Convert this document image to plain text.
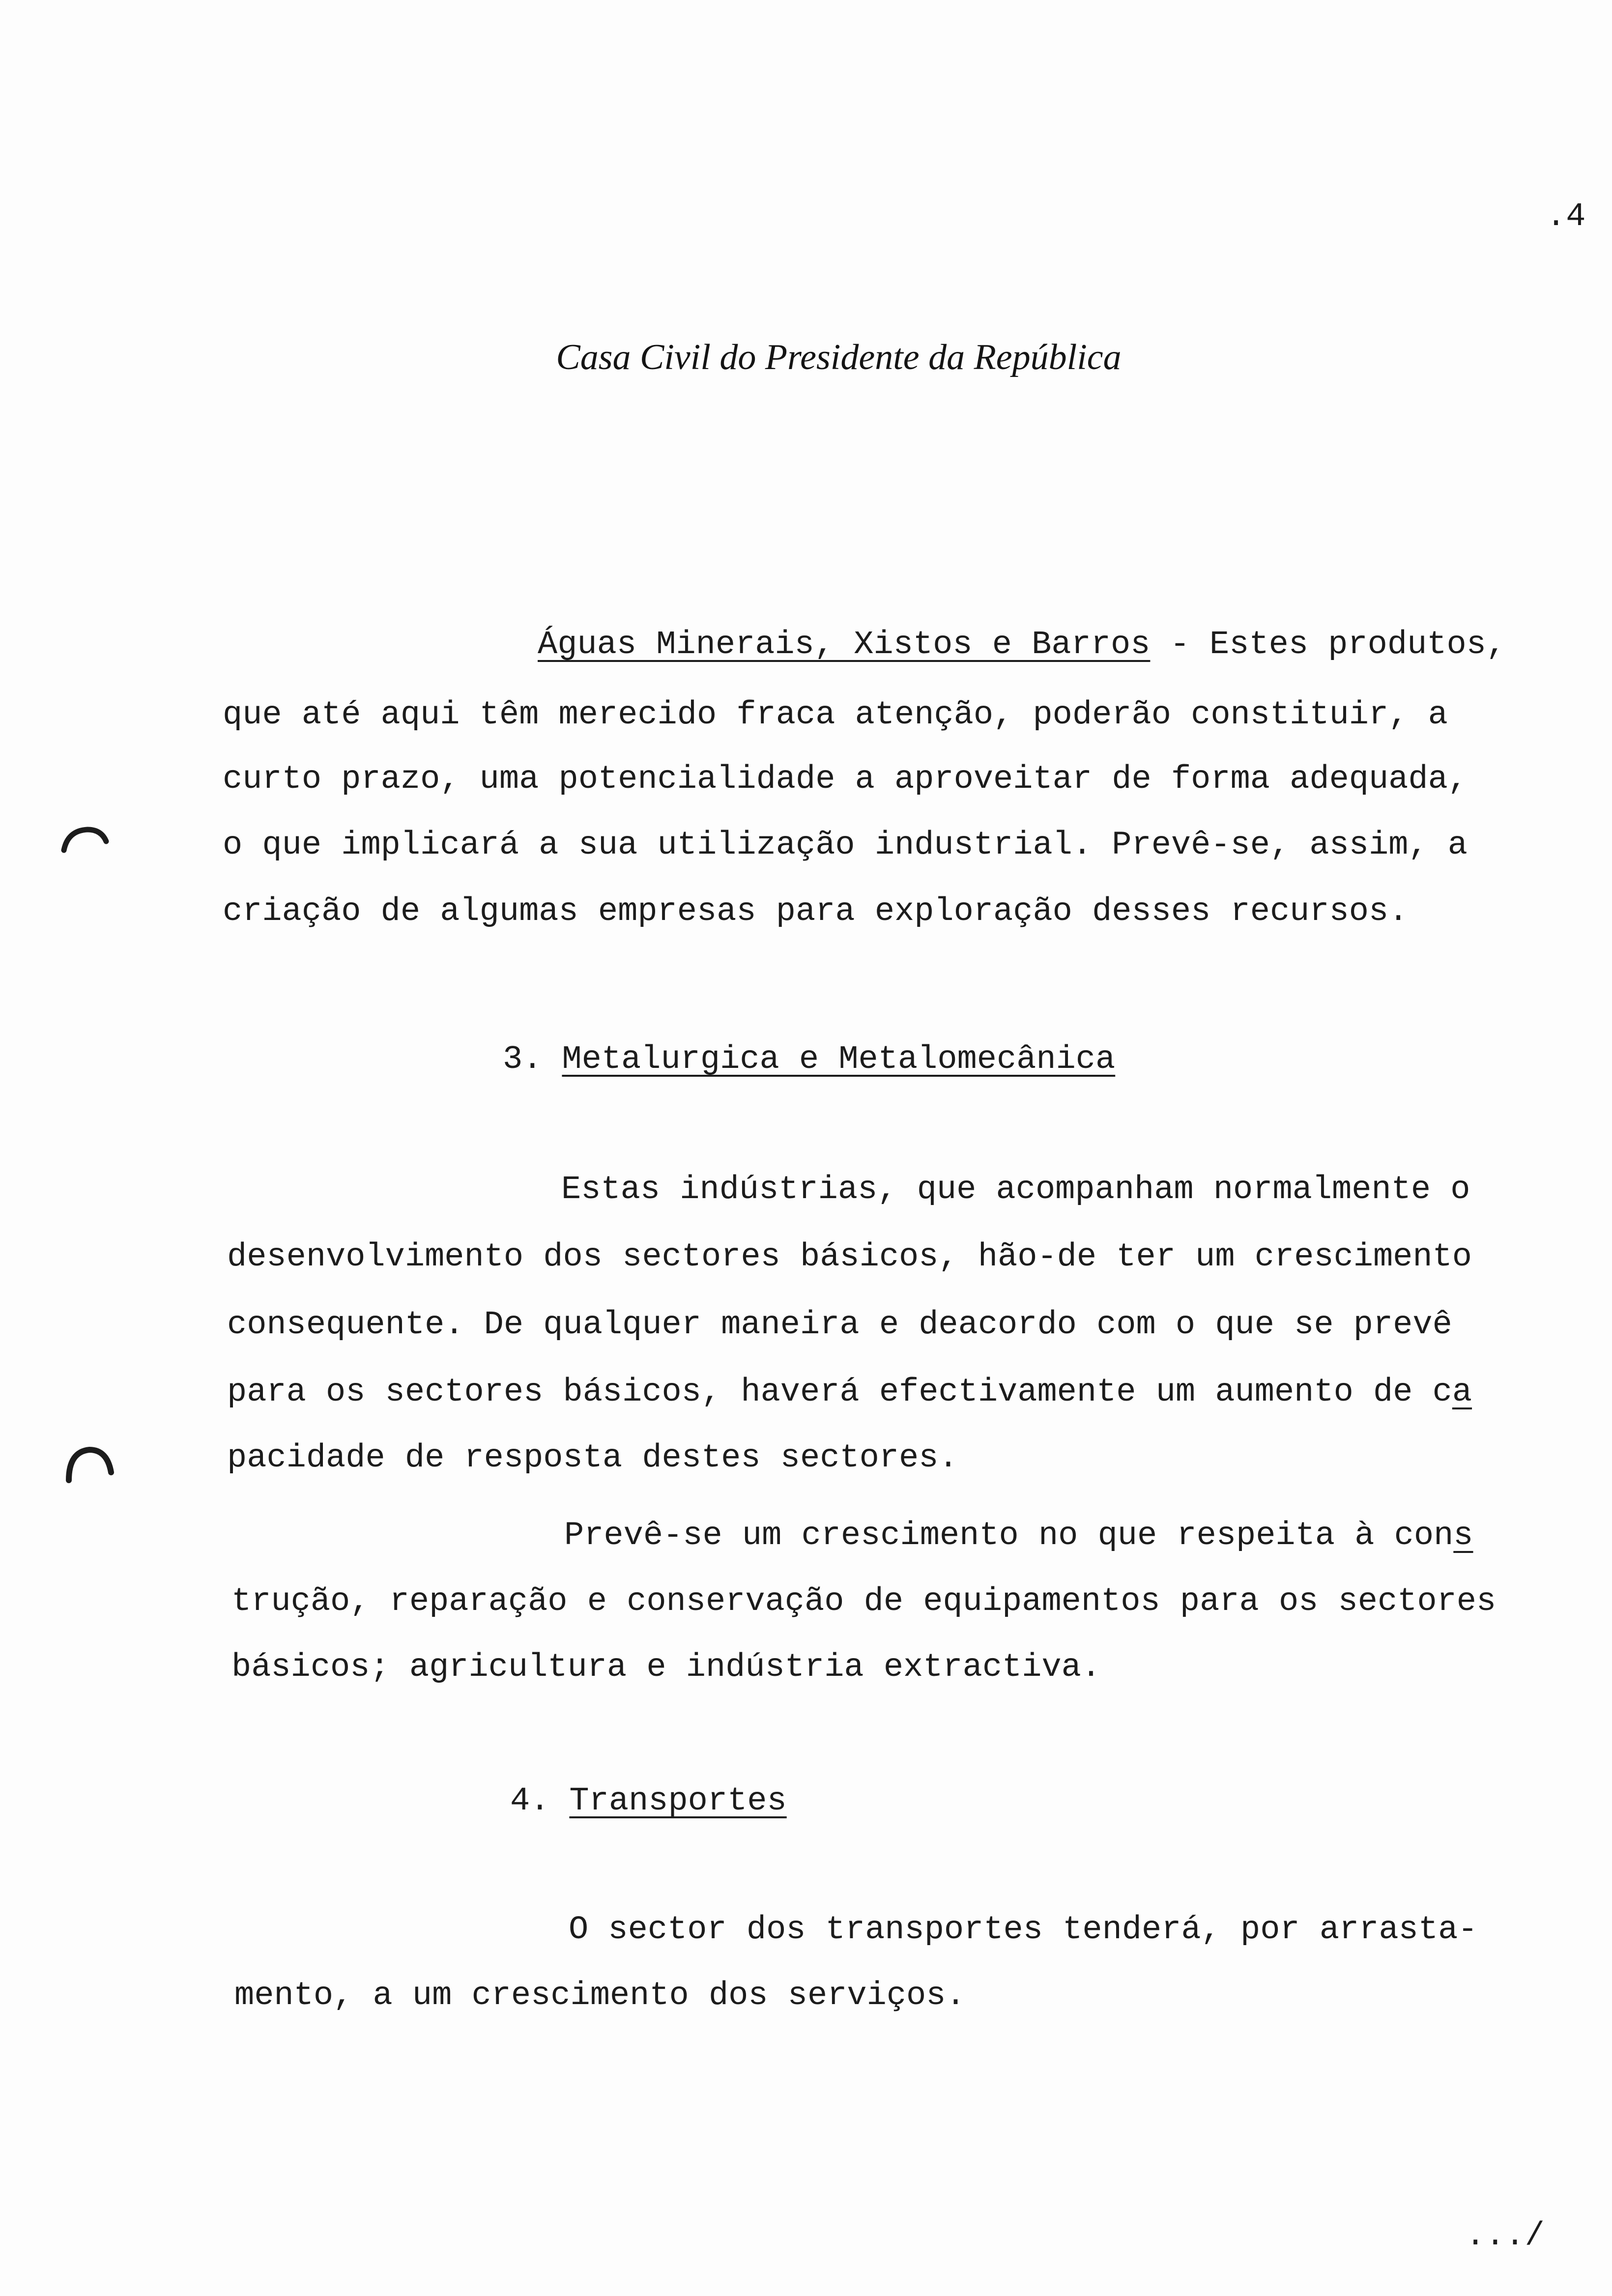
.4
Casa Civil do Presidente da República
Águas Minerais, Xistos e Barros - Estes produtos,
que até aqui têm merecido fraca atenção, poderão constituir, a
curto prazo, uma potencialidade a aproveitar de forma adequada,
o que implicará a sua utilização industrial. Prevê-se, assim, a
criação de algumas empresas para exploração desses recursos.
3. Metalurgica e Metalomecânica
Estas indústrias, que acompanham normalmente o
desenvolvimento dos sectores básicos, hão-de ter um crescimento
consequente. De qualquer maneira e deacordo com o que se prevê
para os sectores básicos, haverá efectivamente um aumento de ca
pacidade de resposta destes sectores.
Prevê-se um crescimento no que respeita à cons
trução, reparação e conservação de equipamentos para os sectores
básicos; agricultura e indústria extractiva.
4. Transportes
O sector dos transportes tenderá, por arrasta-
mento, a um crescimento dos serviços.
.../
